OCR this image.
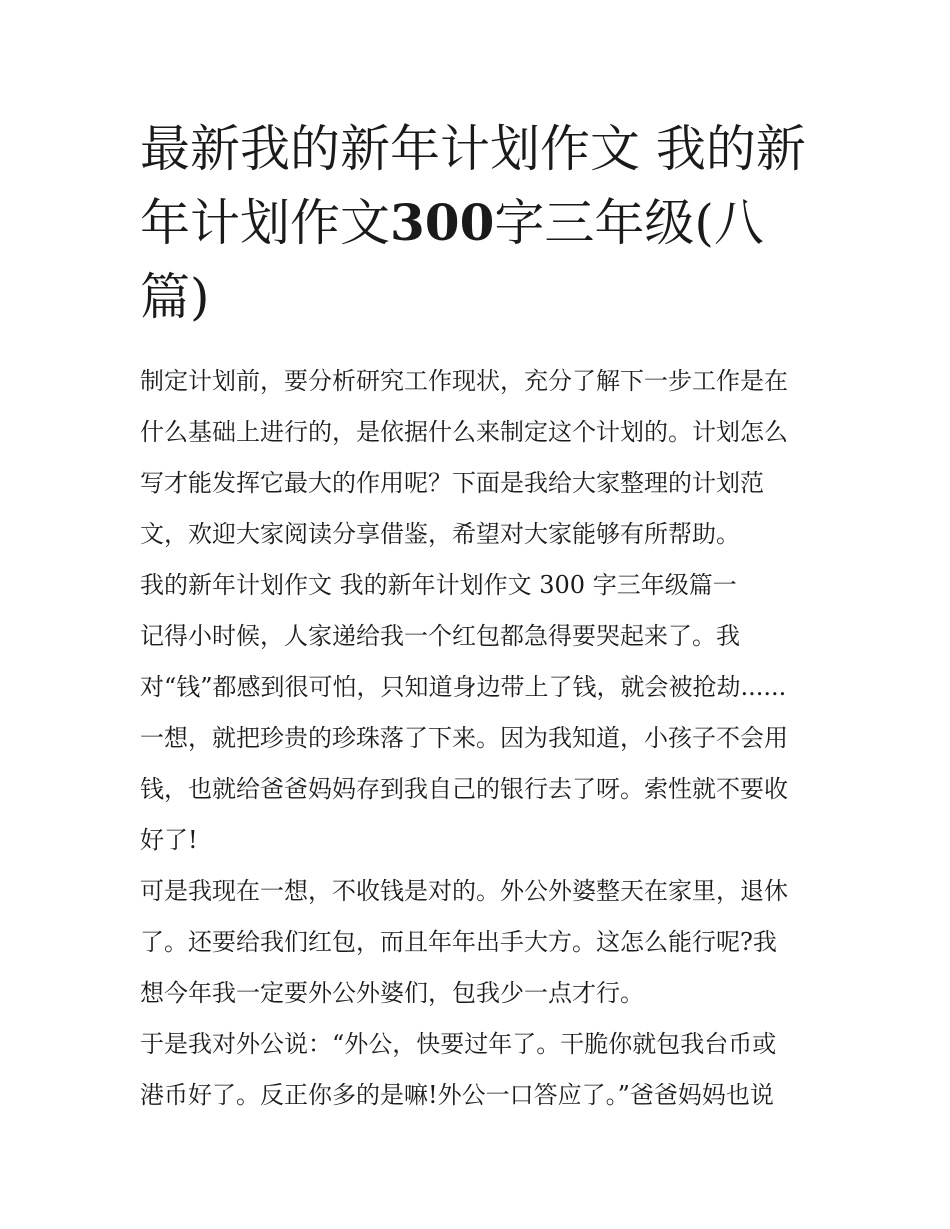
最新我的新年计划作文 我的新
年计划作文300字三年级(八
篇)
制定计划前，要分析研究工作现状，充分了解下一步工作是在
什么基础上进行的，是依据什么来制定这个计划的。计划怎么
写才能发挥它最大的作用呢？下面是我给大家整理的计划范
文，欢迎大家阅读分享借鉴，希望对大家能够有所帮助。
我的新年计划作文 我的新年计划作文 300 字三年级篇一
记得小时候，人家递给我一个红包都急得要哭起来了。我
对“钱”都感到很可怕，只知道身边带上了钱，就会被抢劫......
一想，就把珍贵的珍珠落了下来。因为我知道，小孩子不会用
钱，也就给爸爸妈妈存到我自己的银行去了呀。索性就不要收
好了!
可是我现在一想，不收钱是对的。外公外婆整天在家里，退休
了。还要给我们红包，而且年年出手大方。这怎么能行呢?我
想今年我一定要外公外婆们，包我少一点才行。
于是我对外公说：“外公，快要过年了。干脆你就包我台币或
港币好了。反正你多的是嘛!外公一口答应了。”爸爸妈妈也说
